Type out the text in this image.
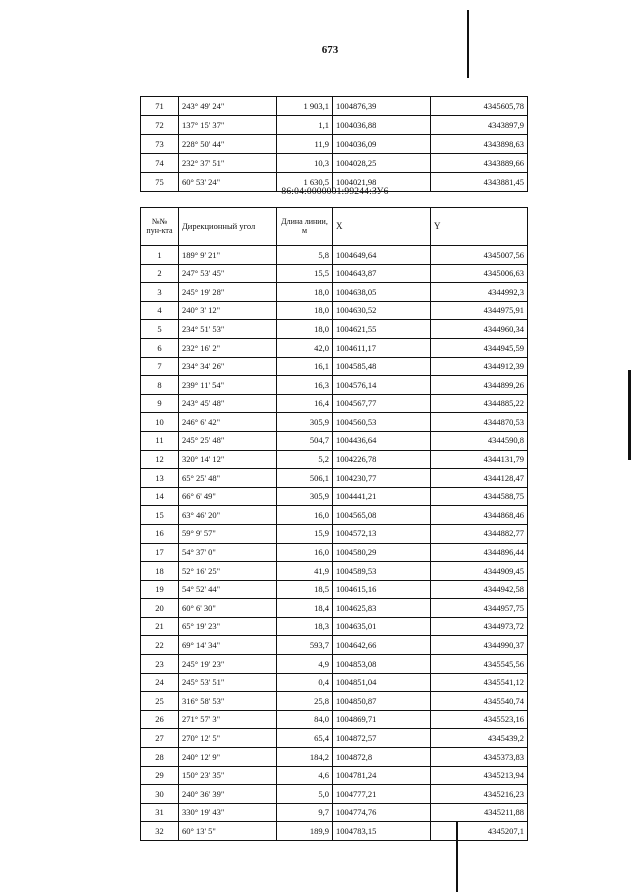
673
71	243° 49' 24"	1 903,1	1004876,39	4345605,78
72	137° 15' 37"	1,1	1004036,88	4343897,9
73	228° 50' 44"	11,9	1004036,09	4343898,63
74	232° 37' 51"	10,3	1004028,25	4343889,66
75	60° 53' 24"	1 630,5	1004021,98	4343881,45
86:04:0000001:99244:ЗУ6
№№ пун-кта	Дирекционный угол	Длина линии, м	X	Y
1	189° 9' 21"	5,8	1004649,64	4345007,56
2	247° 53' 45"	15,5	1004643,87	4345006,63
3	245° 19' 28"	18,0	1004638,05	4344992,3
4	240° 3' 12"	18,0	1004630,52	4344975,91
5	234° 51' 53"	18,0	1004621,55	4344960,34
6	232° 16' 2"	42,0	1004611,17	4344945,59
7	234° 34' 26"	16,1	1004585,48	4344912,39
8	239° 11' 54"	16,3	1004576,14	4344899,26
9	243° 45' 48"	16,4	1004567,77	4344885,22
10	246° 6' 42"	305,9	1004560,53	4344870,53
11	245° 25' 48"	504,7	1004436,64	4344590,8
12	320° 14' 12"	5,2	1004226,78	4344131,79
13	65° 25' 48"	506,1	1004230,77	4344128,47
14	66° 6' 49"	305,9	1004441,21	4344588,75
15	63° 46' 20"	16,0	1004565,08	4344868,46
16	59° 9' 57"	15,9	1004572,13	4344882,77
17	54° 37' 0"	16,0	1004580,29	4344896,44
18	52° 16' 25"	41,9	1004589,53	4344909,45
19	54° 52' 44"	18,5	1004615,16	4344942,58
20	60° 6' 30"	18,4	1004625,83	4344957,75
21	65° 19' 23"	18,3	1004635,01	4344973,72
22	69° 14' 34"	593,7	1004642,66	4344990,37
23	245° 19' 23"	4,9	1004853,08	4345545,56
24	245° 53' 51"	0,4	1004851,04	4345541,12
25	316° 58' 53"	25,8	1004850,87	4345540,74
26	271° 57' 3"	84,0	1004869,71	4345523,16
27	270° 12' 5"	65,4	1004872,57	4345439,2
28	240° 12' 9"	184,2	1004872,8	4345373,83
29	150° 23' 35"	4,6	1004781,24	4345213,94
30	240° 36' 39"	5,0	1004777,21	4345216,23
31	330° 19' 43"	9,7	1004774,76	4345211,88
32	60° 13' 5"	189,9	1004783,15	4345207,1
